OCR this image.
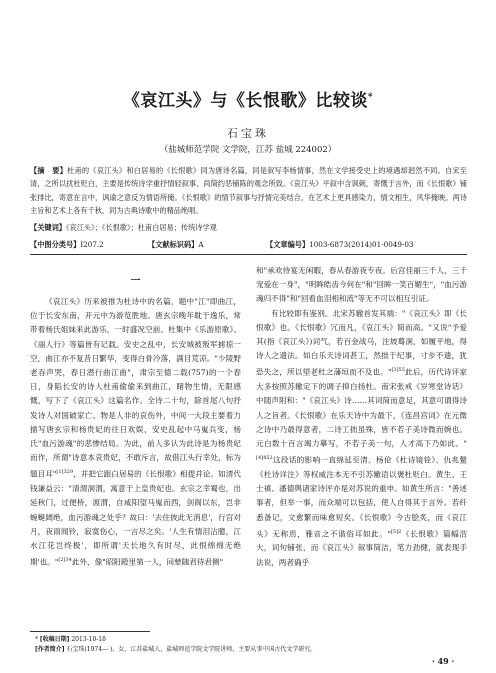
《哀江头》与《长恨歌》比较谈*
石宝珠
（盐城师范学院 文学院，江苏 盐城 224002）
【摘　要】杜甫的《哀江头》和白居易的《长恨歌》同为唐诗名篇，同是叙写李杨情事，然在文学接受史上的境遇却迥然不同。自宋至清，之所以扰杜贬白，主要是传统诗学重抒情轻叙事、尚简约恶铺陈的观念所致。《哀江头》平叙中含讽刺，寄慨于言外，而《长恨歌》铺张排比，寄意在言中，讽谕之意反为情语所掩。《长恨歌》的情节叙事与抒情完美结合，在艺术上更具感染力，情文相生，风华掩映。两诗主旨和艺术上各有千秋，同为古典诗歌中的精品绝唱。
【关键词】《哀江头》；《长恨歌》；杜甫白居易；传统诗学观
【中图分类号】I207.2	【文献标识码】A	【文章编号】1003-6873(2014)01-0049-03
一

《哀江头》历来被推为杜诗中的名篇，题中"江"即曲江，位于长安东南，开元中为游览胜地。唐玄宗晚年耽于逸乐，常带着杨氏姐妹来此游乐，一时盛况空前。杜集中《乐游原歌》、《丽人行》等篇皆有记载。安史之乱中，长安城被叛军掳掠一空，曲江亦不复昔日繁华，变得白骨冷落，满目荒凉。"少陵野老吞声哭，春日潜行曲江曲"，肃宗至德二载(757)的一个春日，身陷长安的诗人杜甫偷偷来到曲江，睹物生情，无限感慨，写下了《哀江头》这篇名作。全诗二十句，除首尾八句抒发诗人对国破家亡、物是人非的哀伤外，中间一大段主要着力描写唐玄宗和杨贵妃的往日欢娱、安史乱起中马嵬兵变，杨氏"血污游魂"的悲惨结局。为此，前人多认为此诗是为杨贵妃而作，所谓"诗意本哀贵妃，不敢斥言，故借江头行幸处，标为题目耳"$^{[1]329}$，并把它跟白居易的《长恨歌》相提并论。如清代钱谦益云："清渭洞渭，寓意于上皇贵妃也。玄宗之幸蜀也，出延秋门，过便桥，渡渭，自咸阳望马嵬而西，剑阁以东，岂非蜿蜒阔绝，血污游魂之处乎？故曰：'去住彼此无消息'，行宫对月，夜雨闻铃，寂寞伤心，一言尽之矣。'人生有情泪沾臆，江水江花岂终极'，即所谓'天长地久有时尽，此恨绵绵无绝期'也。"$^{[2]34}$此外，像"昭阳殿里第一人，同辇随君侍君侧"

和"承欢侍宴无闲暇，春从春游夜专夜。后宫佳丽三千人，三千宠爱在一身"，"明眸皓齿今何在"和"回眸一笑百媚生"，"血污游魂归不得"和"回看血泪相和流"等无不可以相互引证。

有比较即有鉴别。北宋苏辙首发其端："《哀江头》即《长恨歌》也。《长恨歌》冗而凡，《哀江头》简而高。"又说"予爱其(指《哀江头》)词气，若百金战马，注坡蓦涧，如履平地，得诗人之遗法。如白乐天诗词甚工，然拙于纪事，寸步不遗，犹恐失之，所以望老杜之藩垣而不及也。"$^{[3]55}$此后，历代诗评家大多按照苏辙定下的调子抑白扬杜。南宋张戒《岁寒堂诗话》中随声附和："《哀江头》诗……其词简而意足，其意可谓得诗人之旨者。《长恨歌》在乐天诗中为最下，《连昌宫词》在元微之诗中乃最得意者，二诗工拙虽殊，皆不若子美诗微而婉也。元白数十百言竭力摹写，不若子美一句，人才高下乃如此。"$^{[4]452}$这段话的影响一直绵延至清。杨伦《杜诗镜铨》、仇兆鳌《杜诗详注》等权威注本无不引苏辙语以褒杜贬白。黄生、王士禛、潘德舆诸家诗评亦是对苏说的重申。如黄生所言："善述事者，但举一事，而众端可以包括，使人自得其于言外。若纤悉备记，文愈繁而味愈短矣。《长恨歌》今古脍炙，而《哀江头》无称焉，雅音之不谐俗耳如此。"$^{[5]2}$《长恨歌》篇幅浩大，词句铺张，而《哀江头》叙事简洁，笔力劲健，就表现手法说，两者确乎

* [收稿日期] 2013-10-18
[作者简介] 石宝珠(1974— )，女，江苏盐城人，盐城师范学院文学院讲师，主要从事中国古代文学研究。
· 49 ·
